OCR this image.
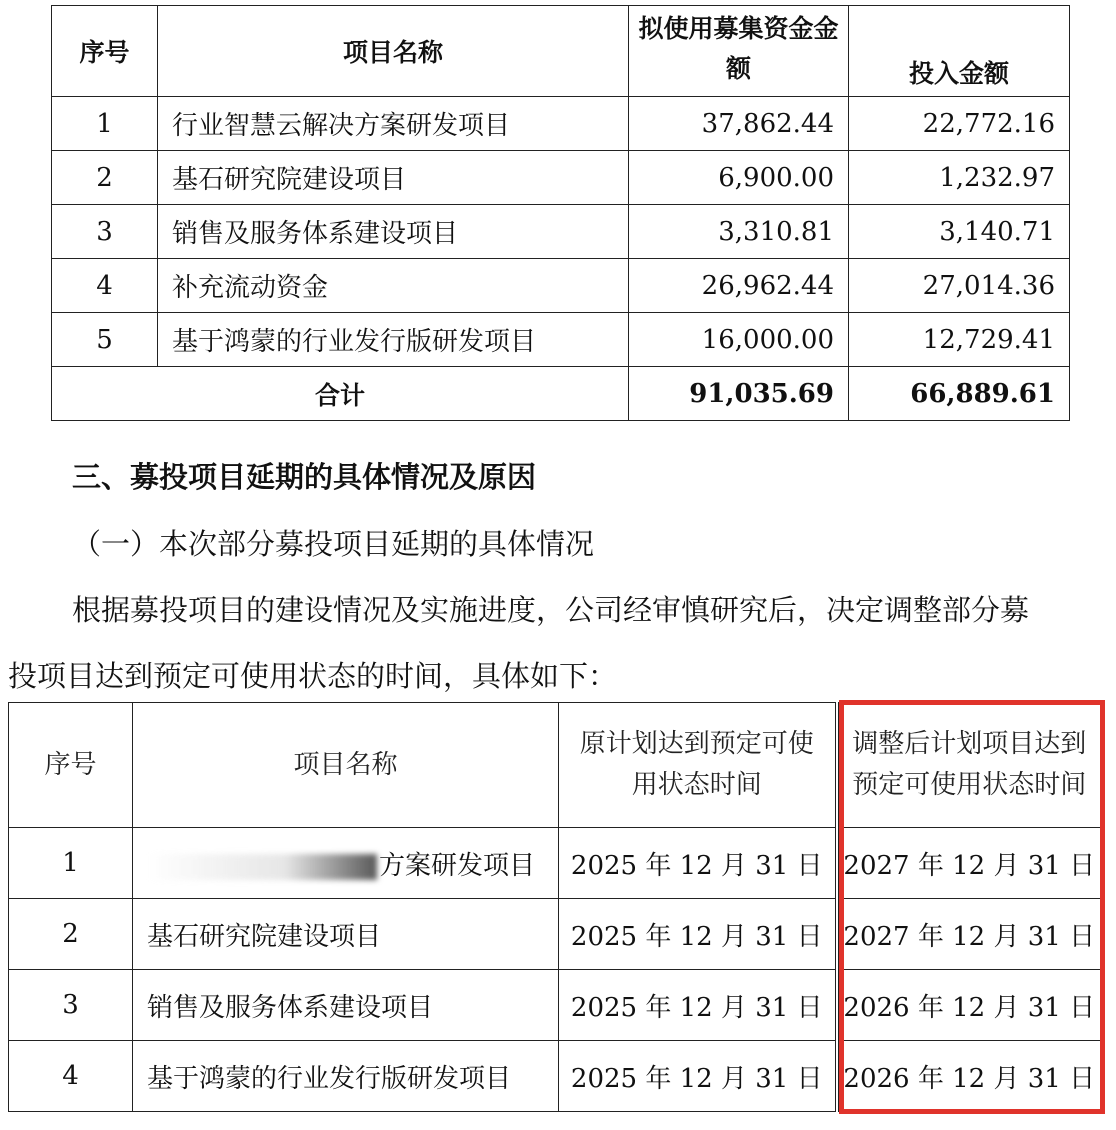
序号	项目名称	拟使用募集资金金额	投入金额
1	行业智慧云解决方案研发项目	37,862.44	22,772.16
2	基石研究院建设项目	6,900.00	1,232.97
3	销售及服务体系建设项目	3,310.81	3,140.71
4	补充流动资金	26,962.44	27,014.36
5	基于鸿蒙的行业发行版研发项目	16,000.00	12,729.41
合计		91,035.69	66,889.61
三、募投项目延期的具体情况及原因
（一）本次部分募投项目延期的具体情况
根据募投项目的建设情况及实施进度，公司经审慎研究后，决定调整部分募
投项目达到预定可使用状态的时间，具体如下：
序号	项目名称	原计划达到预定可使用状态时间	调整后计划项目达到预定可使用状态时间
1	方案研发项目	2025 年 12 月 31 日	2027 年 12 月 31 日
2	基石研究院建设项目	2025 年 12 月 31 日	2027 年 12 月 31 日
3	销售及服务体系建设项目	2025 年 12 月 31 日	2026 年 12 月 31 日
4	基于鸿蒙的行业发行版研发项目	2025 年 12 月 31 日	2026 年 12 月 31 日
